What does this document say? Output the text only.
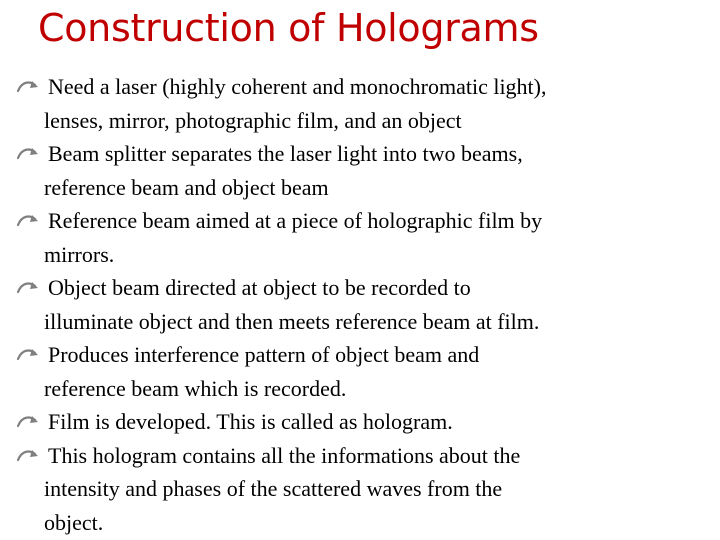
Construction of Holograms
Need a laser (highly coherent and monochromatic light),
lenses, mirror, photographic film, and an object
Beam splitter separates the laser light into two beams,
reference beam and object beam
Reference beam aimed at a piece of holographic film by
mirrors.
Object beam directed at object to be recorded to
illuminate object and then meets reference beam at film.
Produces interference pattern of object beam and
reference beam which is recorded.
Film is developed. This is called as hologram.
This hologram contains all the informations about the
intensity and phases of the scattered waves from the
object.
